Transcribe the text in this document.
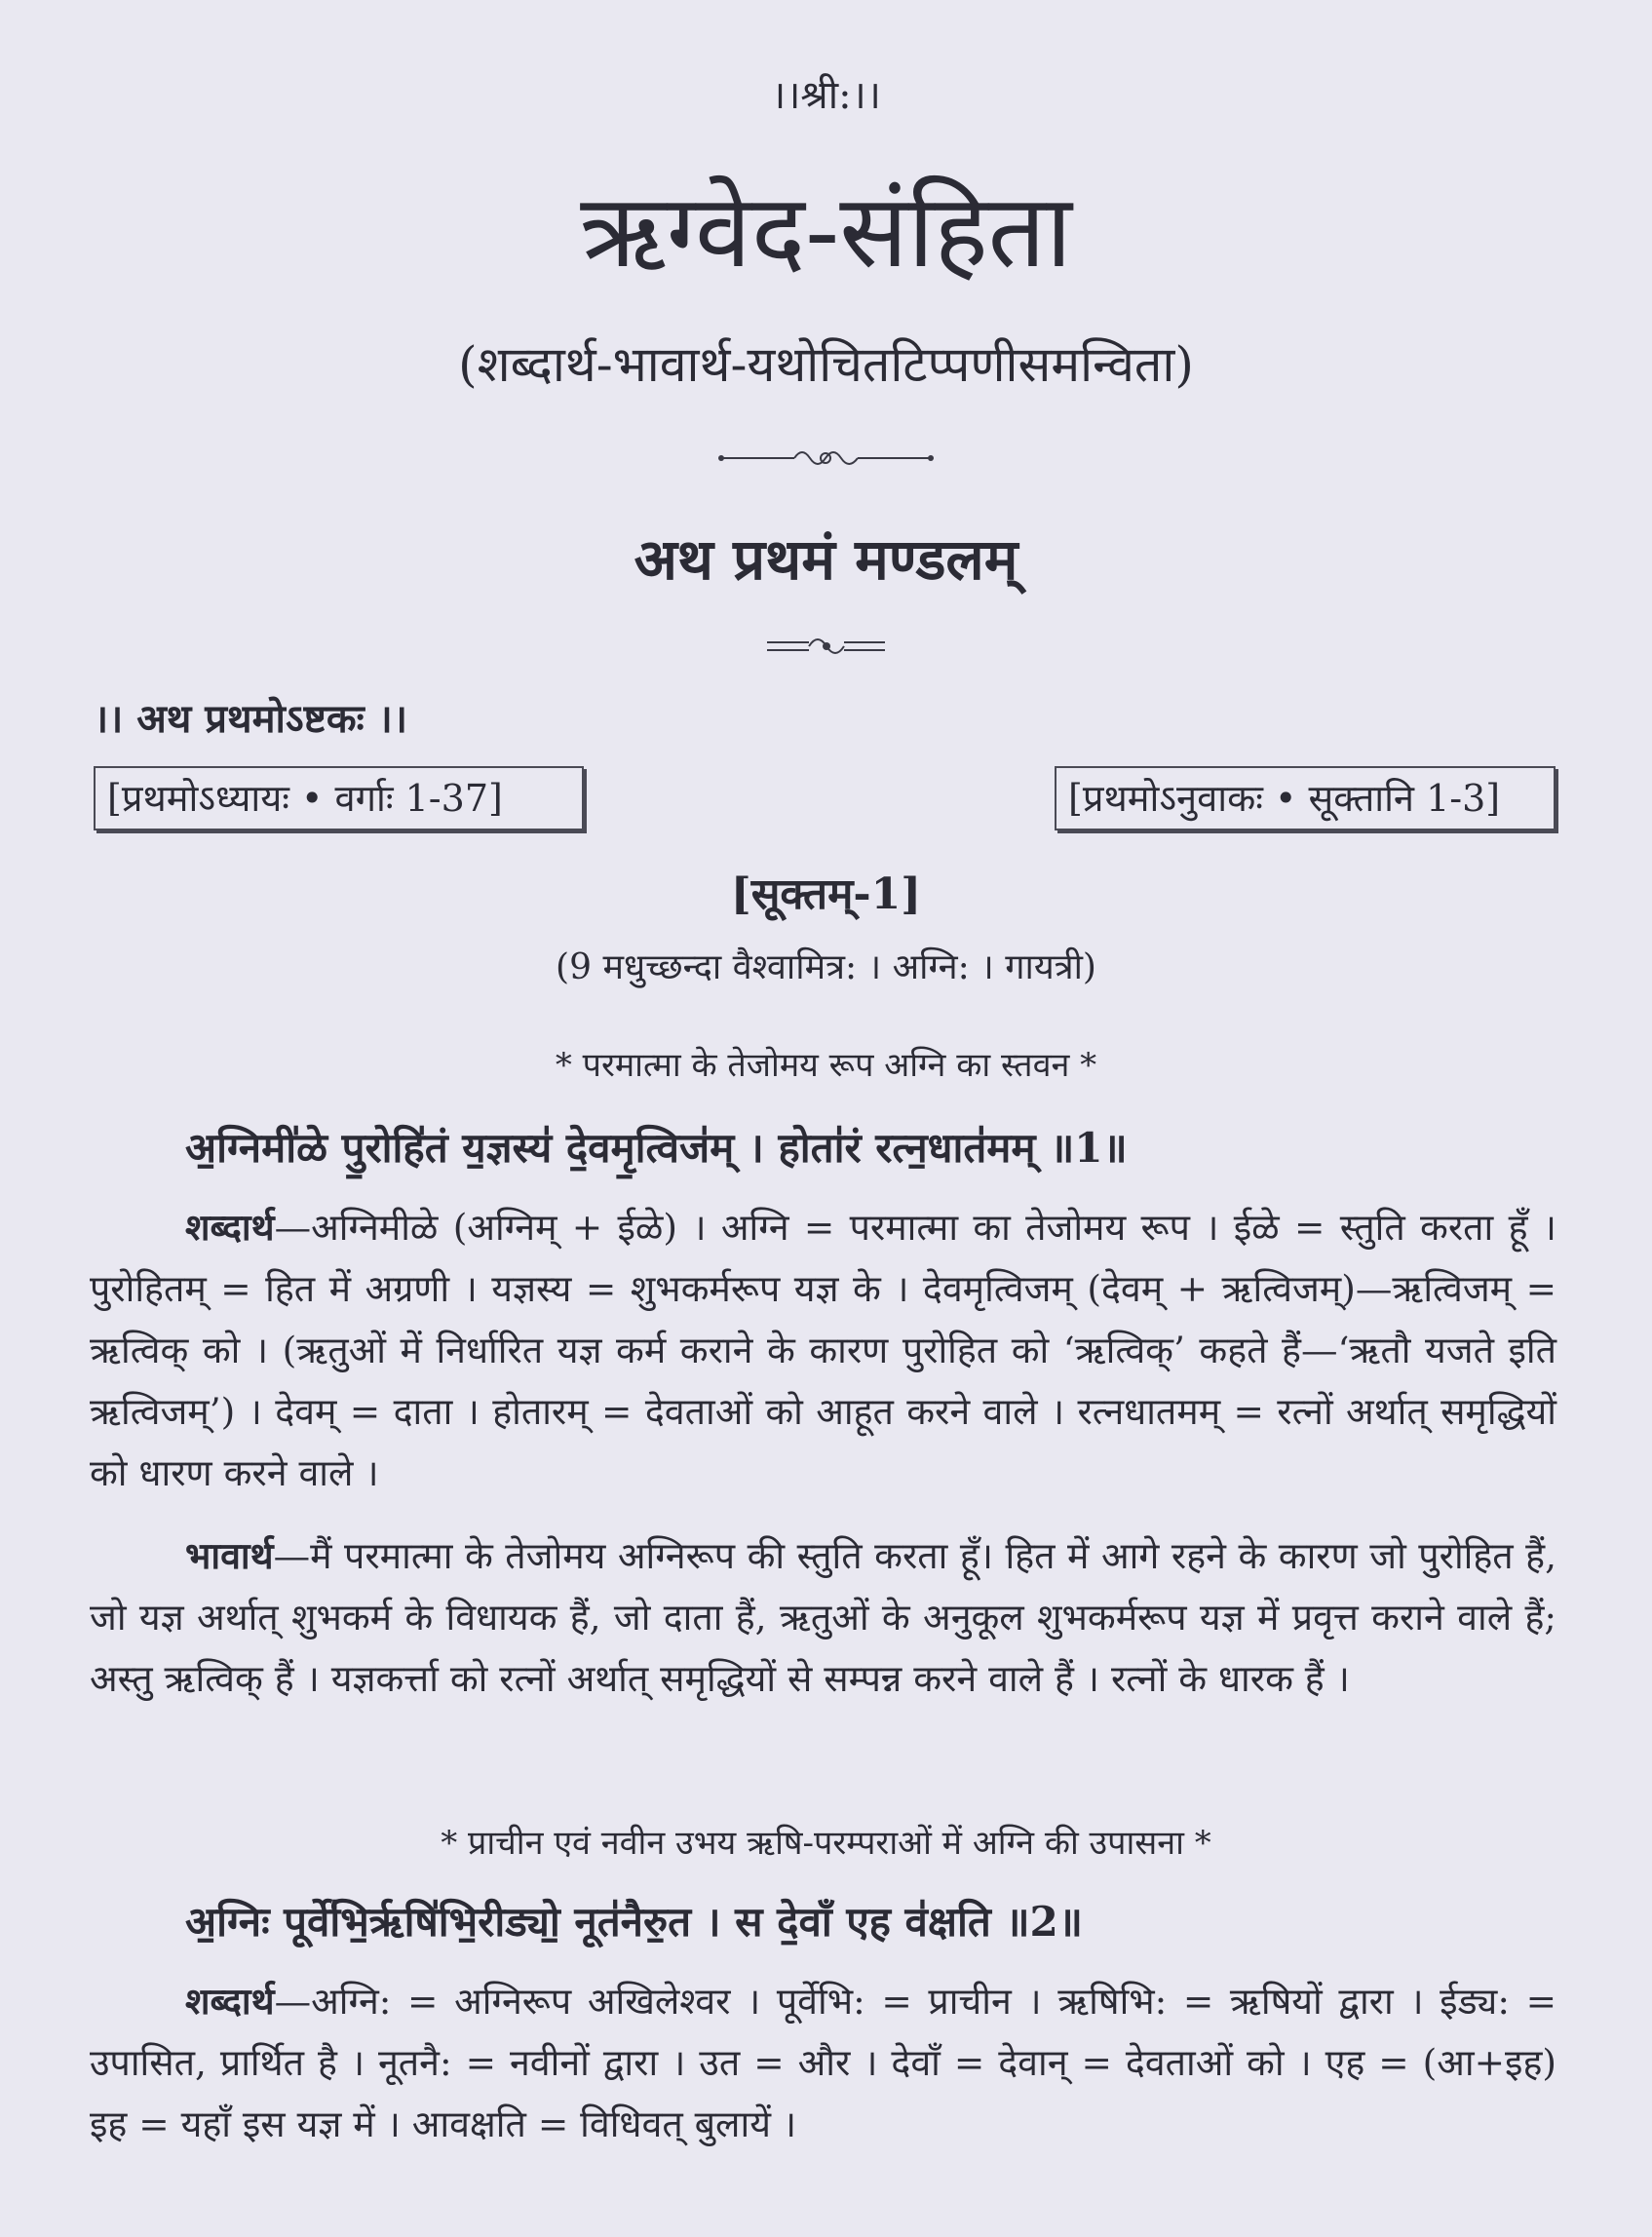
।।श्री:।।
ऋग्वेद-संहिता
(शब्दार्थ-भावार्थ-यथोचितटिप्पणीसमन्विता)
अथ प्रथमं मण्डलम्
।। अथ प्रथमोऽष्टकः ।।
[प्रथमोऽध्यायः • वर्गाः 1-37]	[प्रथमोऽनुवाकः • सूक्तानि 1-3]
[सूक्तम्-1]
(9 मधुच्छन्दा वैश्वामित्र: । अग्नि: । गायत्री)
* परमात्मा के तेजोमय रूप अग्नि का स्तवन *
अ॒ग्निमी॑ळे पु॒रोहि॑तं य॒ज्ञस्य॑ दे॒वमृ॒त्विज॑म् । होता॑रं रत्न॒धात॑मम् ॥1॥

शब्दार्थ—अग्निमीळे (अग्निम् + ईळे) । अग्नि = परमात्मा का तेजोमय रूप । ईळे = स्तुति करता हूँ । पुरोहितम् = हित में अग्रणी । यज्ञस्य = शुभकर्मरूप यज्ञ के । देवमृत्विजम् (देवम् + ऋत्विजम्)—ऋत्विजम् = ऋत्विक् को । (ऋतुओं में निर्धारित यज्ञ कर्म कराने के कारण पुरोहित को ‘ऋत्विक्’ कहते हैं—‘ऋतौ यजते इति ऋत्विजम्’) । देवम् = दाता । होतारम् = देवताओं को आहूत करने वाले । रत्नधातमम् = रत्नों अर्थात् समृद्धियों को धारण करने वाले ।

भावार्थ—मैं परमात्मा के तेजोमय अग्निरूप की स्तुति करता हूँ। हित में आगे रहने के कारण जो पुरोहित हैं, जो यज्ञ अर्थात् शुभकर्म के विधायक हैं, जो दाता हैं, ऋतुओं के अनुकूल शुभकर्मरूप यज्ञ में प्रवृत्त कराने वाले हैं; अस्तु ऋत्विक् हैं । यज्ञकर्त्ता को रत्नों अर्थात् समृद्धियों से सम्पन्न करने वाले हैं । रत्नों के धारक हैं ।

* प्राचीन एवं नवीन उभय ऋषि-परम्पराओं में अग्नि की उपासना *
अ॒ग्निः पूर्वे॑भि॒र्ऋषि॑भि॒रीड्यो॒ नूत॑नैरु॒त । स दे॒वाँ एह व॑क्षति ॥2॥

शब्दार्थ—अग्नि: = अग्निरूप अखिलेश्वर । पूर्वेभि: = प्राचीन । ऋषिभि: = ऋषियों द्वारा । ईड्य: = उपासित, प्रार्थित है । नूतनै: = नवीनों द्वारा । उत = और । देवाँ = देवान् = देवताओं को । एह = (आ+इह) इह = यहाँ इस यज्ञ में । आवक्षति = विधिवत् बुलायें ।
